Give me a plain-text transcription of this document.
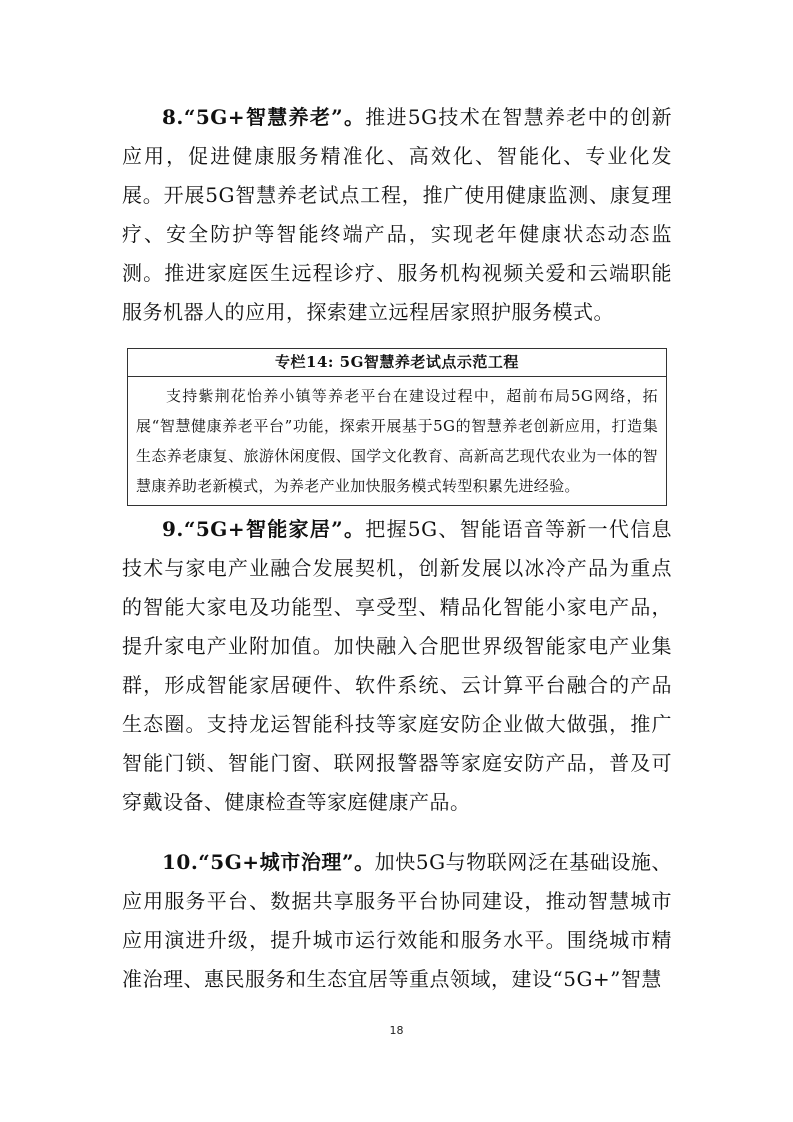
8.“5G+智慧养老”。推进5G技术在智慧养老中的创新应用，促进健康服务精准化、高效化、智能化、专业化发展。开展5G智慧养老试点工程，推广使用健康监测、康复理疗、安全防护等智能终端产品，实现老年健康状态动态监测。推进家庭医生远程诊疗、服务机构视频关爱和云端职能服务机器人的应用，探索建立远程居家照护服务模式。

专栏14: 5G智慧养老试点示范工程

支持紫荆花怡养小镇等养老平台在建设过程中，超前布局5G网络，拓展“智慧健康养老平台”功能，探索开展基于5G的智慧养老创新应用，打造集生态养老康复、旅游休闲度假、国学文化教育、高新高艺现代农业为一体的智慧康养助老新模式，为养老产业加快服务模式转型积累先进经验。

9.“5G+智能家居”。把握5G、智能语音等新一代信息技术与家电产业融合发展契机，创新发展以冰冷产品为重点的智能大家电及功能型、享受型、精品化智能小家电产品，提升家电产业附加值。加快融入合肥世界级智能家电产业集群，形成智能家居硬件、软件系统、云计算平台融合的产品生态圈。支持龙运智能科技等家庭安防企业做大做强，推广智能门锁、智能门窗、联网报警器等家庭安防产品，普及可穿戴设备、健康检查等家庭健康产品。

10.“5G+城市治理”。加快5G与物联网泛在基础设施、应用服务平台、数据共享服务平台协同建设，推动智慧城市应用演进升级，提升城市运行效能和服务水平。围绕城市精准治理、惠民服务和生态宜居等重点领域，建设“5G+”智慧

18
